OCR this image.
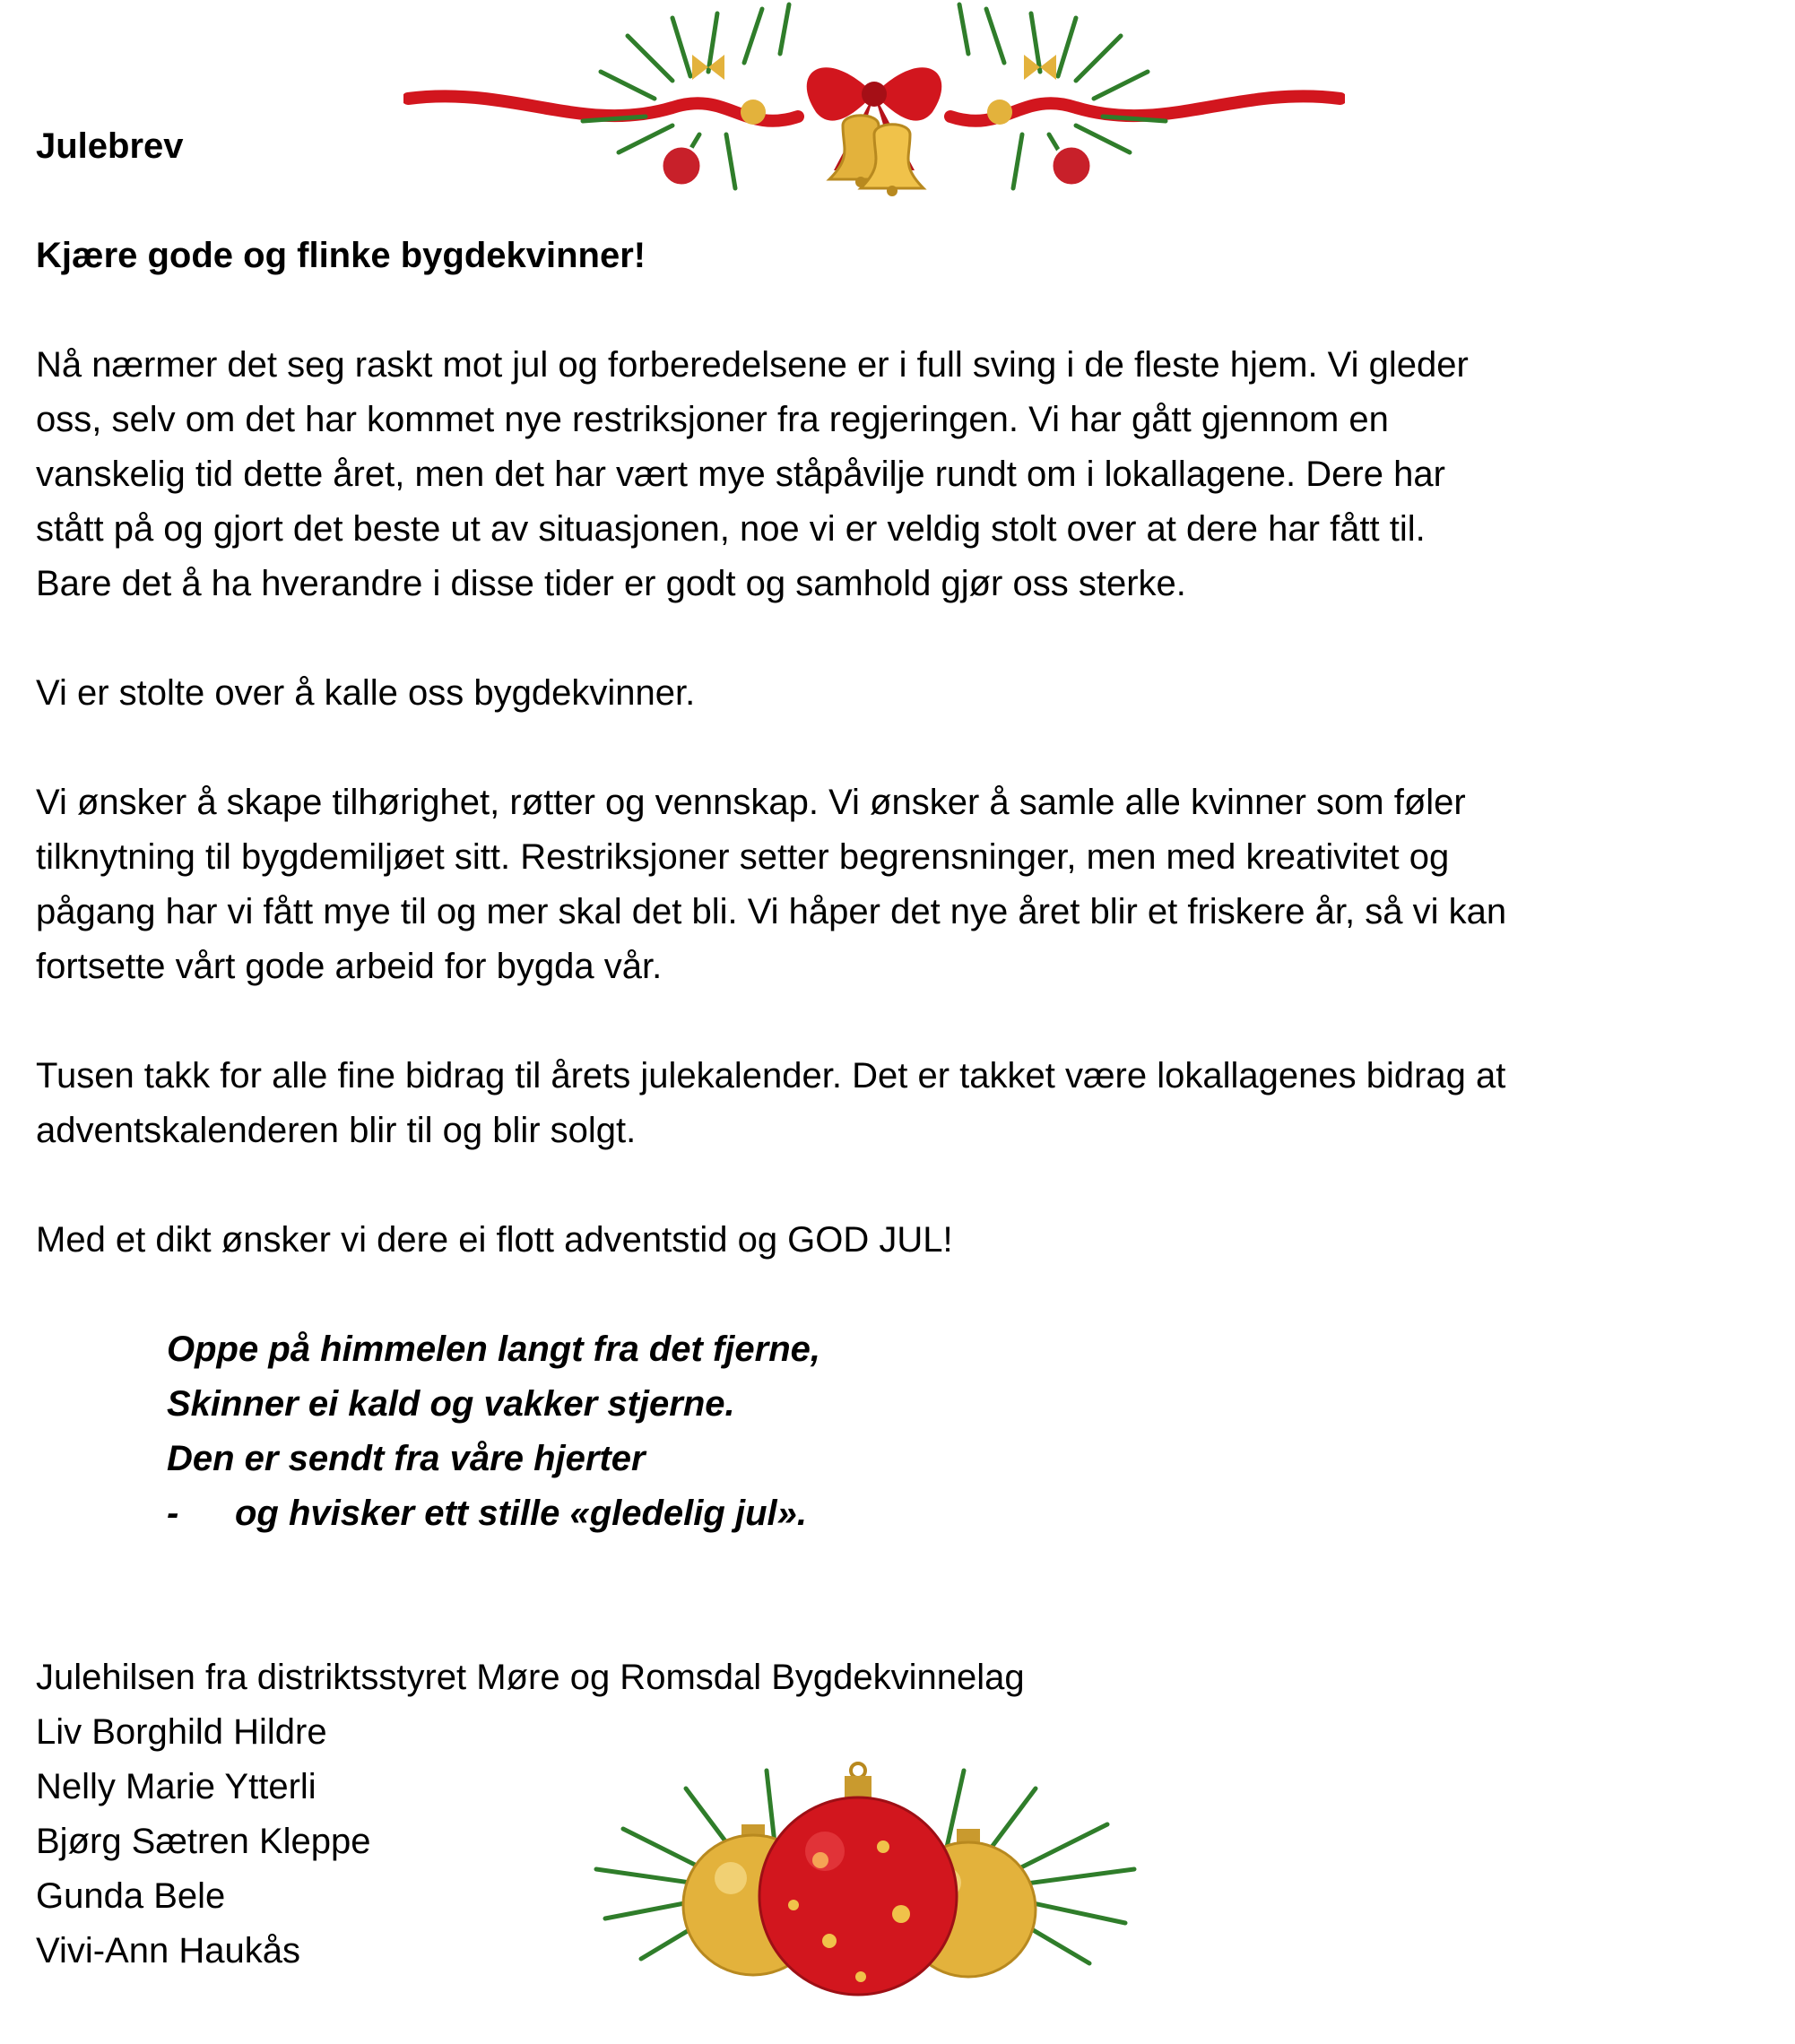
Julebrev

Kjære gode og flinke bygdekvinner!

Nå nærmer det seg raskt mot jul og forberedelsene er i full sving i de fleste hjem. Vi gleder

oss, selv om det har kommet nye restriksjoner fra regjeringen. Vi har gått gjennom en

vanskelig tid dette året, men det har vært mye ståpåvilje rundt om i lokallagene. Dere har

stått på og gjort det beste ut av situasjonen, noe vi er veldig stolt over at dere har fått til.

Bare det å ha hverandre i disse tider er godt og samhold gjør oss sterke.

Vi er stolte over å kalle oss bygdekvinner.

Vi ønsker å skape tilhørighet, røtter og vennskap. Vi ønsker å samle alle kvinner som føler

tilknytning til bygdemiljøet sitt. Restriksjoner setter begrensninger, men med kreativitet og

pågang har vi fått mye til og mer skal det bli. Vi håper det nye året blir et friskere år, så vi kan

fortsette vårt gode arbeid for bygda vår.

Tusen takk for alle fine bidrag til årets julekalender. Det er takket være lokallagenes bidrag at

adventskalenderen blir til og blir solgt.

Med et dikt ønsker vi dere ei flott adventstid og GOD JUL!

Oppe på himmelen langt fra det fjerne,

Skinner ei kald og vakker stjerne.

Den er sendt fra våre hjerter

- og hvisker ett stille «gledelig jul».

Julehilsen fra distriktsstyret Møre og Romsdal Bygdekvinnelag

Liv Borghild Hildre

Nelly Marie Ytterli

Bjørg Sætren Kleppe

Gunda Bele

Vivi-Ann Haukås
